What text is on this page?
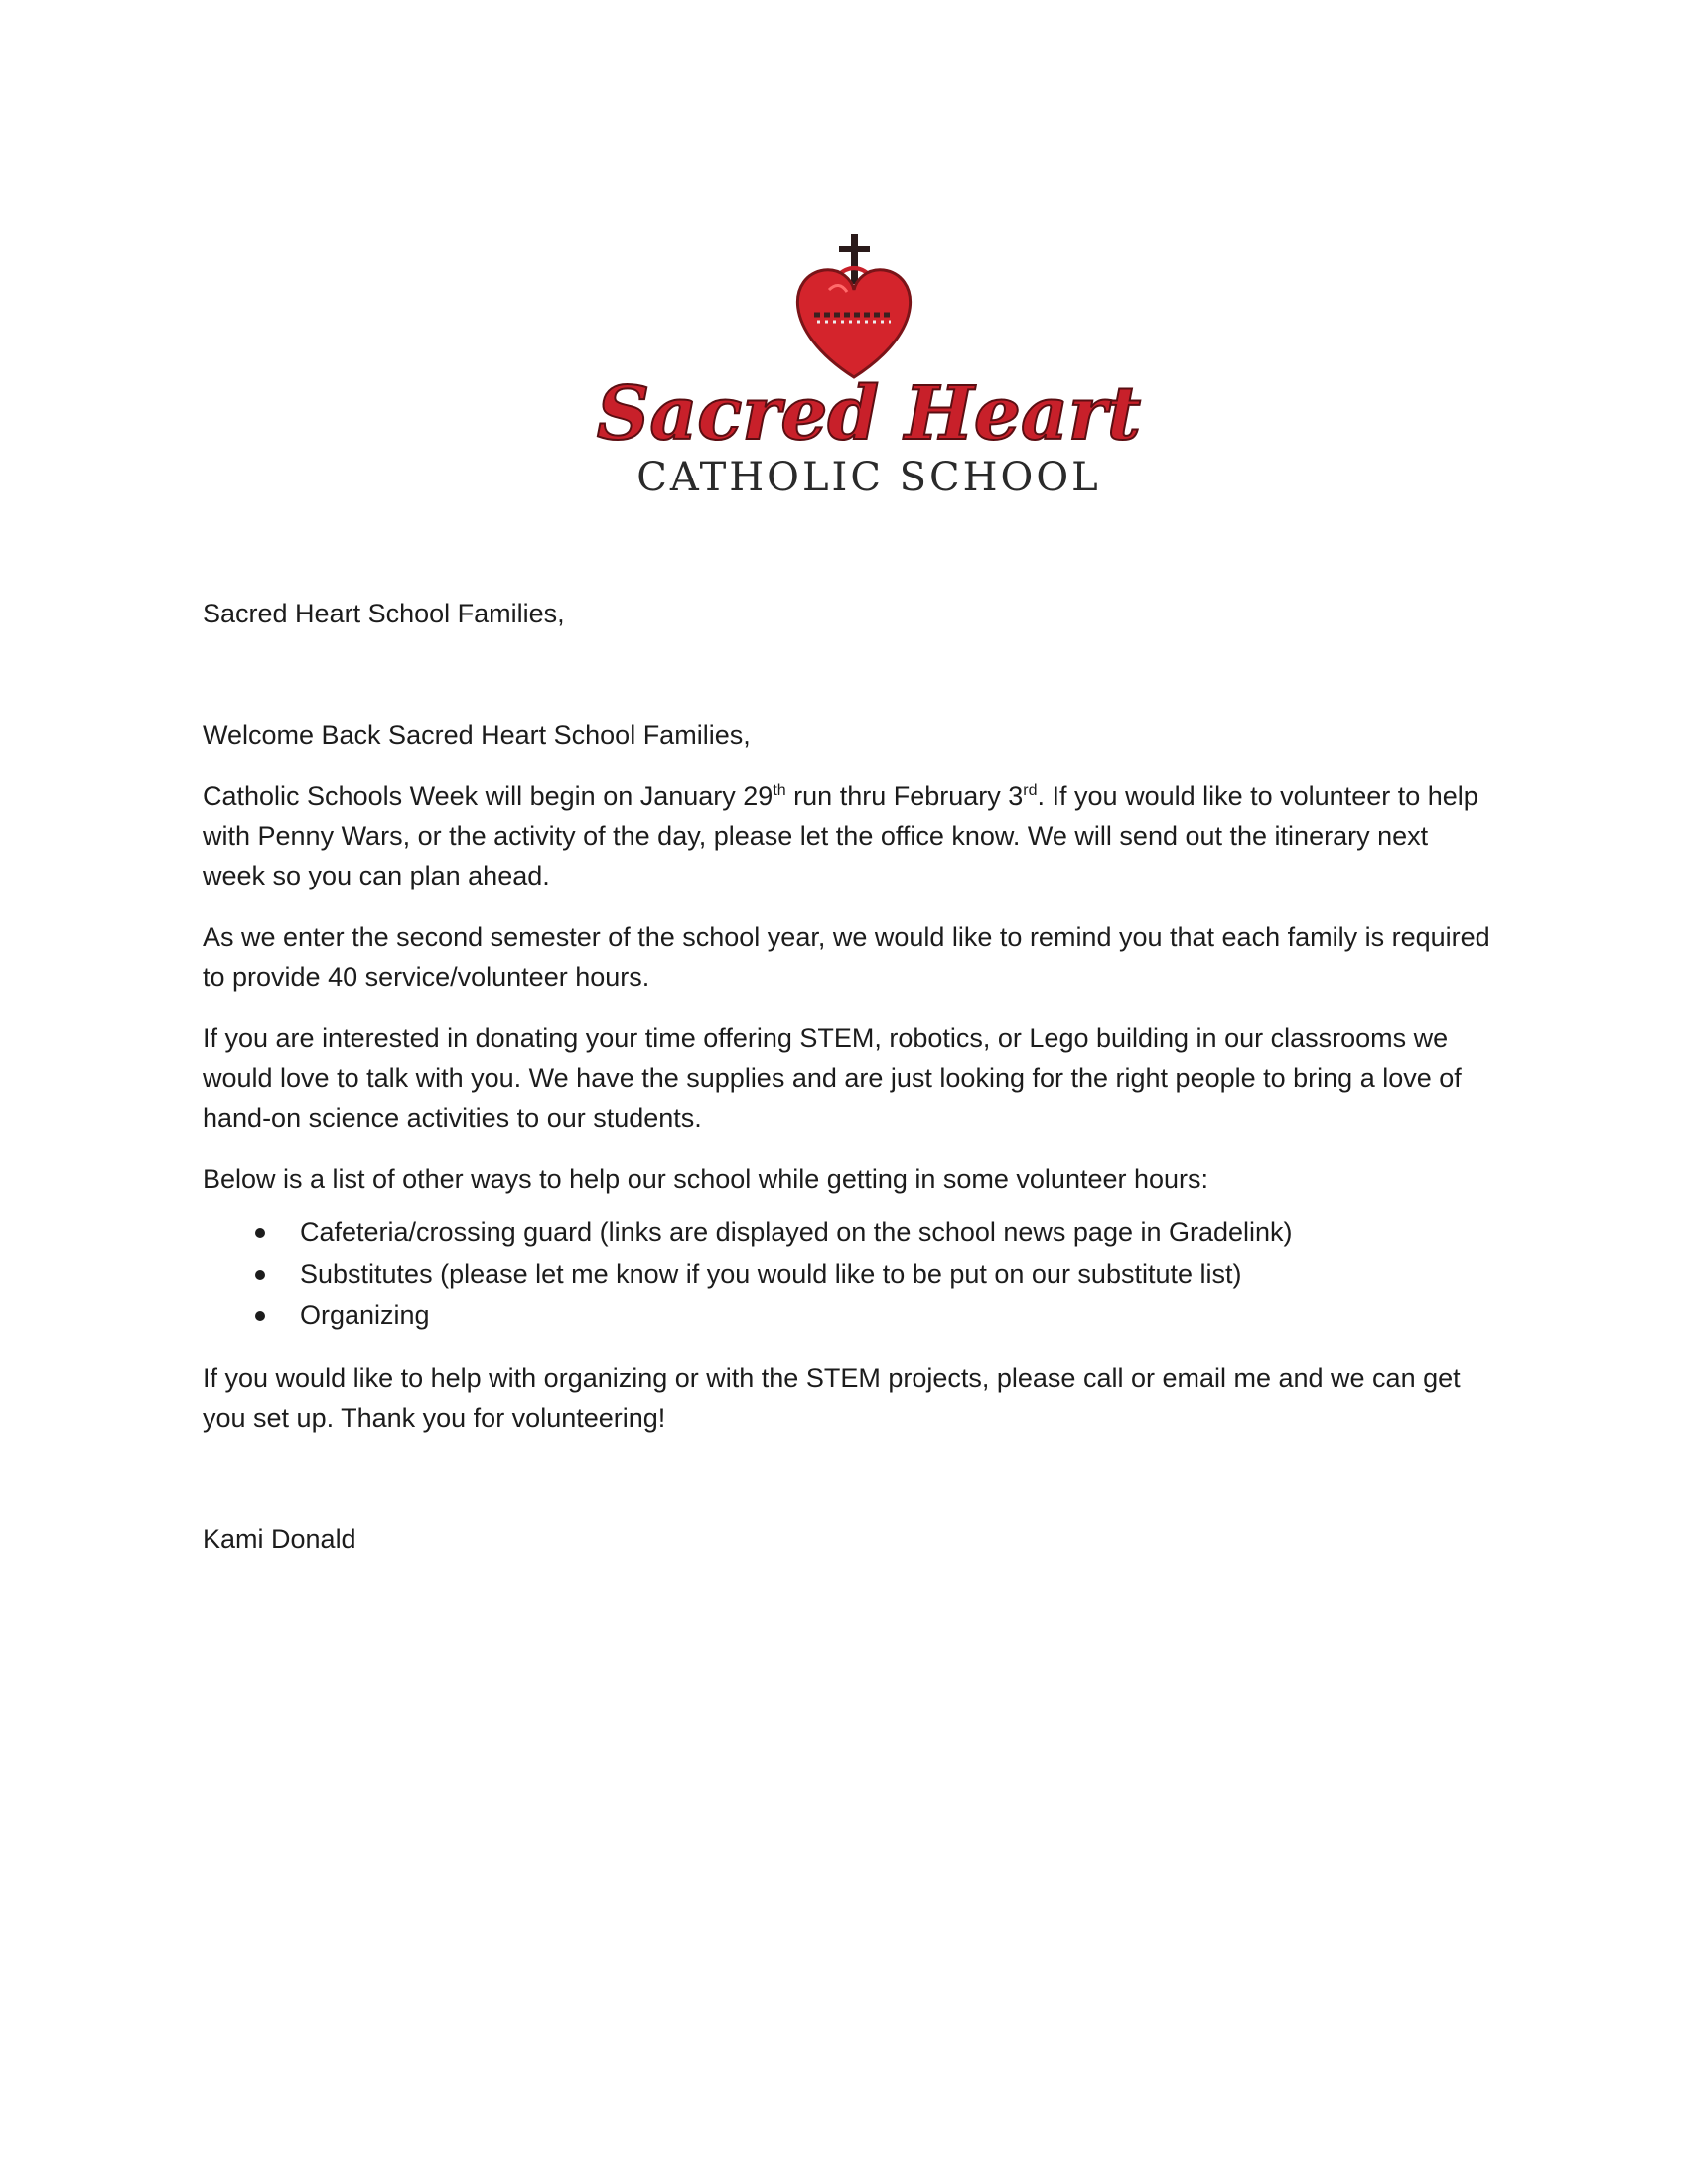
Sacred Heart
CATHOLIC SCHOOL

Sacred Heart School Families,

Welcome Back Sacred Heart School Families,

Catholic Schools Week will begin on January 29th run thru February 3rd. If you would like to volunteer to help with Penny Wars, or the activity of the day, please let the office know. We will send out the itinerary next week so you can plan ahead.

As we enter the second semester of the school year, we would like to remind you that each family is required to provide 40 service/volunteer hours.

If you are interested in donating your time offering STEM, robotics, or Lego building in our classrooms we would love to talk with you. We have the supplies and are just looking for the right people to bring a love of hand-on science activities to our students.

Below is a list of other ways to help our school while getting in some volunteer hours:

Cafeteria/crossing guard (links are displayed on the school news page in Gradelink)
Substitutes (please let me know if you would like to be put on our substitute list)
Organizing

If you would like to help with organizing or with the STEM projects, please call or email me and we can get you set up. Thank you for volunteering!

Kami Donald
